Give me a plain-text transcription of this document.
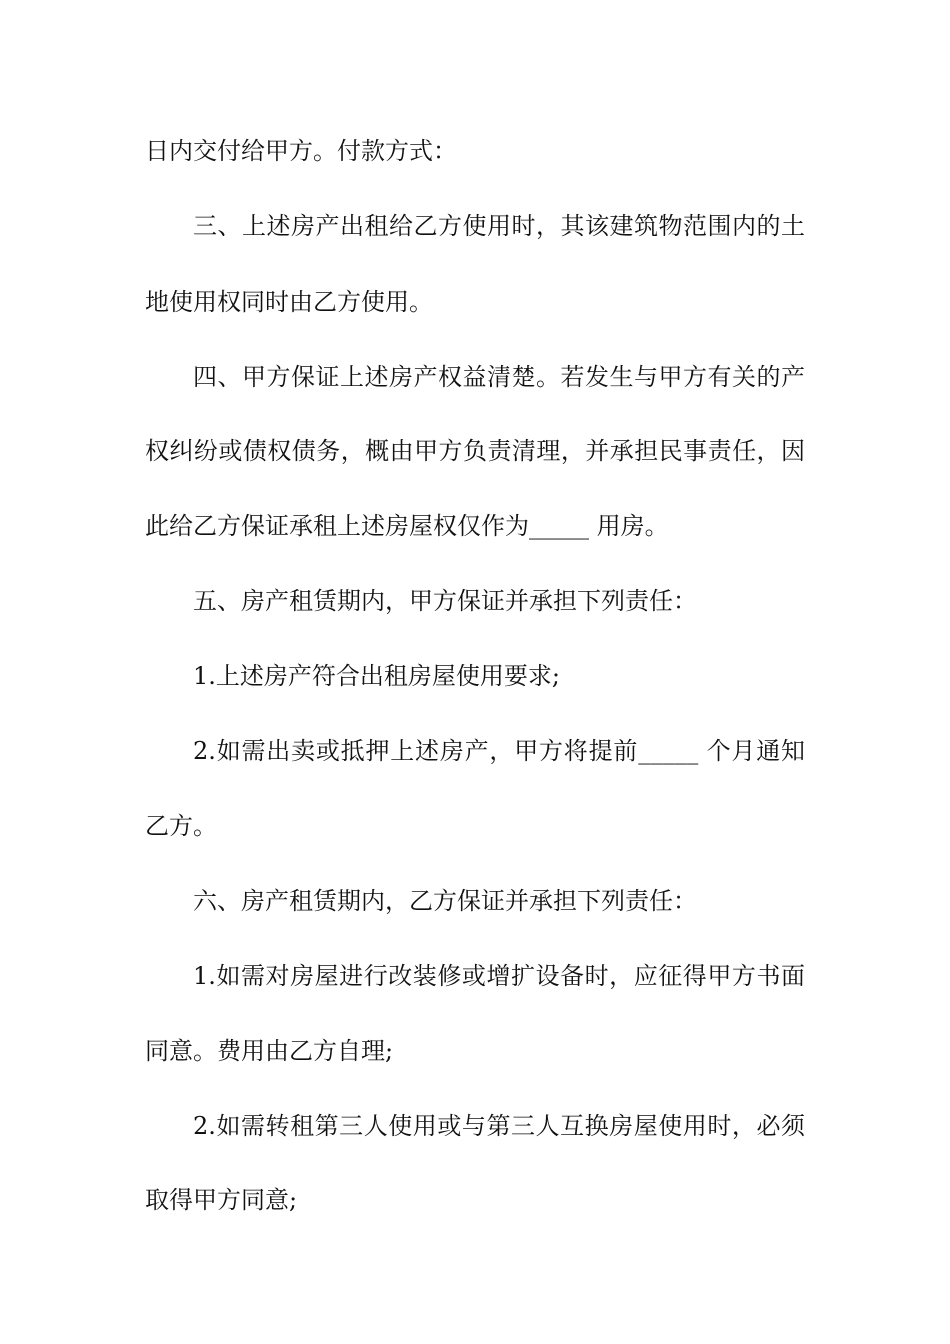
日内交付给甲方。付款方式：
三、上述房产出租给乙方使用时，其该建筑物范围内的土
地使用权同时由乙方使用。
四、甲方保证上述房产权益清楚。若发生与甲方有关的产
权纠纷或债权债务，概由甲方负责清理，并承担民事责任，因
此给乙方保证承租上述房屋权仅作为_____ 用房。
五、房产租赁期内，甲方保证并承担下列责任：
1.上述房产符合出租房屋使用要求;
2.如需出卖或抵押上述房产，甲方将提前_____ 个月通知
乙方。
六、房产租赁期内，乙方保证并承担下列责任：
1.如需对房屋进行改装修或增扩设备时，应征得甲方书面
同意。费用由乙方自理;
2.如需转租第三人使用或与第三人互换房屋使用时，必须
取得甲方同意;
